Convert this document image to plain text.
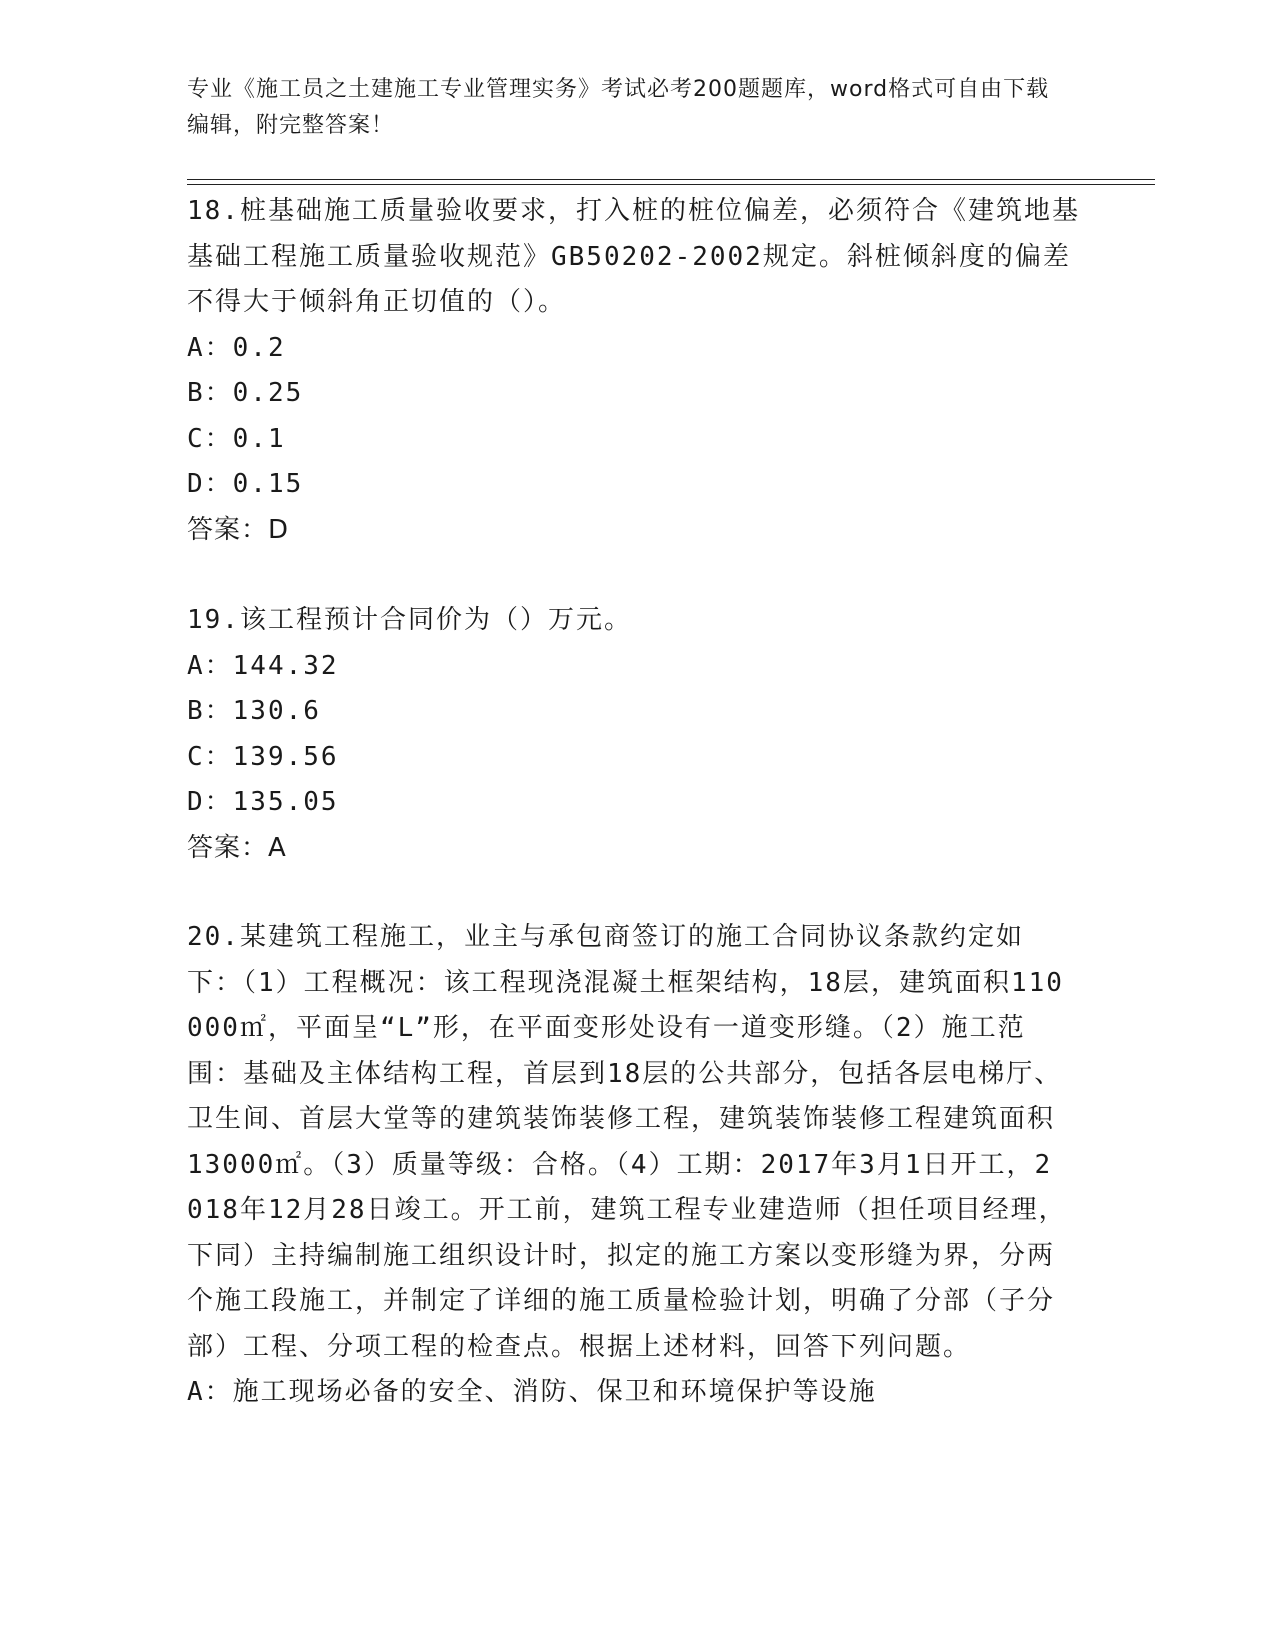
专业《施工员之土建施工专业管理实务》考试必考200题题库，word格式可自由下载编辑，附完整答案！
18.桩基础施工质量验收要求，打入桩的桩位偏差，必须符合《建筑地基基础工程施工质量验收规范》GB50202-2002规定。斜桩倾斜度的偏差不得大于倾斜角正切值的（）。
A：0.2
B：0.25
C：0.1
D：0.15
答案：D
19.该工程预计合同价为（）万元。
A：144.32
B：130.6
C：139.56
D：135.05
答案：A
20.某建筑工程施工，业主与承包商签订的施工合同协议条款约定如下：（1）工程概况：该工程现浇混凝土框架结构，18层，建筑面积110000㎡，平面呈“L”形，在平面变形处设有一道变形缝。（2）施工范围：基础及主体结构工程，首层到18层的公共部分，包括各层电梯厅、卫生间、首层大堂等的建筑装饰装修工程，建筑装饰装修工程建筑面积13000㎡。（3）质量等级：合格。（4）工期：2017年3月1日开工，2018年12月28日竣工。开工前，建筑工程专业建造师（担任项目经理，下同）主持编制施工组织设计时，拟定的施工方案以变形缝为界，分两个施工段施工，并制定了详细的施工质量检验计划，明确了分部（子分部）工程、分项工程的检查点。根据上述材料，回答下列问题。
A：施工现场必备的安全、消防、保卫和环境保护等设施
